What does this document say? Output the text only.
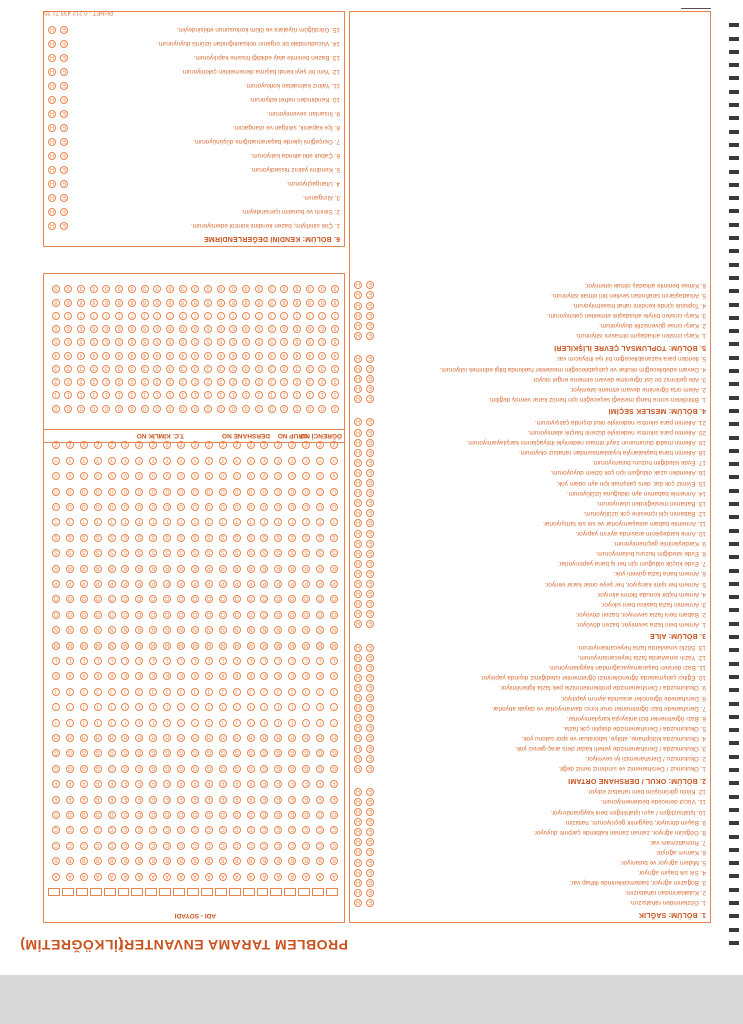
PROBLEM TARAMA ENVANTERİ
(İLKÖĞRETİM)
1. BÖLÜM: SAĞLIK
1. Gözlerimden rahatsızım.
E
H
2. Kulaklarımdan rahatsızım.
E
H
3. Boğazım ağrıyor, bademciklerimde iltihap var.
E
H
4. Sık sık başım ağrıyor.
E
H
5. Midem ağrıyor ve bulanıyor.
E
H
6. Karnım ağrıyor.
E
H
7. Romatizmam var.
E
H
8. Göğsüm ağrıyor, zaman zaman kalbimde çarpıntı duyuyor.
E
H
9. Başım dönüyor, baygınlık geçiriyorum, halsizim.
E
H
10. İştahsızlığım / aşırı iştahlılığım beni kaygılandırıyor.
E
H
11. Vücut derecede beslenemiyorum.
E
H
12. Kilolu görünüşüm beni rahatsız ediyor.
E
H
2. BÖLÜM: OKUL / DERSHANE ORTAMI
1. Okulumuz / Dershanemiz ve sınıfımız temiz değil.
E
H
2. Okulumuzu / Dershanemizi iyi sevmiyor.
E
H
3. Okulumuzda / Dershanemizde yeterli kadar ders araç-gereci yok.
E
H
4. Okulumuzda kütüphane, atölye, laboratuar ve spor salonu yok.
E
H
5. Okulumuzda / Dershanemizde disiplin çok fazla.
E
H
6. Bazı öğretmenler bizi anlayışla karşılamıyorlar.
E
H
7. Dershanede bazı öğretmenler onur kırıcı davranıyorlar ve dayak atıyorlar.
E
H
8. Dershanede öğrenciler arasında ayırım yapılıyor.
E
H
9. Okulumuzda / Dershanemizde problemlerimizle pek fazla ilgilenilmiyor.
E
H
10. Eğitici çalışmalarda öğrencilerimizi öğretmenler istediğimiz dışında yapılıyor.
E
H
11. Bazı dersleri başaramayacağımdan kaygılanıyorum.
E
H
12. Yazılı sınavlarda fazla heyecanlanıyorum.
E
H
13. Sözlü sınavlarda fazla heyecanlanıyorum.
E
H
3. BÖLÜM: AİLE
1. Annem beni fazla sevmiyor, bazen dövüyor.
E
H
2. Babam beni fazla sevmiyor, bazen dövüyor.
E
H
3. Annemin fazla baskısı beni sıkıyor.
E
H
4. Annem hiçbir konuda fikrimi almıyor.
E
H
5. Annem her işimi karışıyor, her şeye onlar karar veriyor.
E
H
6. Annem bana fazla güveni yok.
E
H
7. Evde küçük olduğum için her iş bana yaptırıyorlar.
E
H
8. Evde istediğim huzuru bulamıyorum.
E
H
9. Kardeşlerimle geçinemiyorum.
E
H
10. Anne kardeşlerim arasında ayırım yapıyor.
E
H
11. Annemle babam anlaşamıyorlar ve sık sık tartışıyorlar.
E
H
12. Babamın içki içmesine çok üzülüyorum.
E
H
13. Babamın mesleğinden utanıyorum.
E
H
14. Annemle babamın ayrı olduğuna üzülüyorum.
E
H
15. Evimiz çok dar, ders çalışmak için ayrı odam yok.
E
H
16. Ailemden uzak olduğum için çok özlem duyuyorum.
E
H
17. Evde istediğim huzuru bulamıyorum.
E
H
18. Ailemin bana başkalarıyla kıyaslamasından rahatsız oluyorum.
E
H
19. Ailemin maddi durumunun zayıf olması nedeniyle ihtiyaçlarımı karşılayamıyorum.
E
H
20. Ailemin para sıkıntısı nedeniyle düzenli harçlık alamıyorum.
E
H
21. Ailemin para sıkıntısı nedeniyle okul dışında çalışıyorum.
E
H
4. BÖLÜM: MESLEK SEÇİMİ
1. Bitirdikten sonra hangi mesleği seçeceğim için henüz karar vermiş değilim.
E
H
2. Ailem orta öğrenime devam etmemi istemiyor.
E
H
3. Aile gelirimiz bir üst öğrenime devam etmeme engel oluyor.
E
H
4. Devam edebileceğim okullar ve çalışabileceğim meslekler hakkında bilgi edinmek istiyorum.
E
H
5. İleriden para kazanabileceğim bir işe ihtiyacım var.
E
H
5. BÖLÜM: TOPLUMSAL ÇEVRE İLİŞKİLERİ
1. Karşı cinsten arkadaşım olmasını istiyorum.
E
H
2. Karşı cinse güvensizlik duyuyorum.
E
H
3. Karşı cinsten biriyle arkadaşlık etmekten çekiniyorum.
E
H
4. Topluluk içinde kendimi rahat hissetmiyorum.
E
H
5. Arkadaşlarım tarafından sevilen biri olmak istiyorum.
E
H
6. Kimse benimle arkadaş olmak istemiyor.
E
H
ADI - SOYADI
A
B
C
Ç
D
E
F
G
Ğ
H
I
İ
J
K
L
M
N
O
Ö
P
R
S
Ş
T
U
Ü
V
Y
Z
A
B
C
Ç
D
E
F
G
Ğ
H
I
İ
J
K
L
M
N
O
Ö
P
R
S
Ş
T
U
Ü
V
Y
Z
A
B
C
Ç
D
E
F
G
Ğ
H
I
İ
J
K
L
M
N
O
Ö
P
R
S
Ş
T
U
Ü
V
Y
Z
A
B
C
Ç
D
E
F
G
Ğ
H
I
İ
J
K
L
M
N
O
Ö
P
R
S
Ş
T
U
Ü
V
Y
Z
A
B
C
Ç
D
E
F
G
Ğ
H
I
İ
J
K
L
M
N
O
Ö
P
R
S
Ş
T
U
Ü
V
Y
Z
A
B
C
Ç
D
E
F
G
Ğ
H
I
İ
J
K
L
M
N
O
Ö
P
R
S
Ş
T
U
Ü
V
Y
Z
A
B
C
Ç
D
E
F
G
Ğ
H
I
İ
J
K
L
M
N
O
Ö
P
R
S
Ş
T
U
Ü
V
Y
Z
A
B
C
Ç
D
E
F
G
Ğ
H
I
İ
J
K
L
M
N
O
Ö
P
R
S
Ş
T
U
Ü
V
Y
Z
A
B
C
Ç
D
E
F
G
Ğ
H
I
İ
J
K
L
M
N
O
Ö
P
R
S
Ş
T
U
Ü
V
Y
Z
A
B
C
Ç
D
E
F
G
Ğ
H
I
İ
J
K
L
M
N
O
Ö
P
R
S
Ş
T
U
Ü
V
Y
Z
A
B
C
Ç
D
E
F
G
Ğ
H
I
İ
J
K
L
M
N
O
Ö
P
R
S
Ş
T
U
Ü
V
Y
Z
A
B
C
Ç
D
E
F
G
Ğ
H
I
İ
J
K
L
M
N
O
Ö
P
R
S
Ş
T
U
Ü
V
Y
Z
A
B
C
Ç
D
E
F
G
Ğ
H
I
İ
J
K
L
M
N
O
Ö
P
R
S
Ş
T
U
Ü
V
Y
Z
A
B
C
Ç
D
E
F
G
Ğ
H
I
İ
J
K
L
M
N
O
Ö
P
R
S
Ş
T
U
Ü
V
Y
Z
A
B
C
Ç
D
E
F
G
Ğ
H
I
İ
J
K
L
M
N
O
Ö
P
R
S
Ş
T
U
Ü
V
Y
Z
A
B
C
Ç
D
E
F
G
Ğ
H
I
İ
J
K
L
M
N
O
Ö
P
R
S
Ş
T
U
Ü
V
Y
Z
A
B
C
Ç
D
E
F
G
Ğ
H
I
İ
J
K
L
M
N
O
Ö
P
R
S
Ş
T
U
Ü
V
Y
Z
A
B
C
Ç
D
E
F
G
Ğ
H
I
İ
J
K
L
M
N
O
Ö
P
R
S
Ş
T
U
Ü
V
Y
Z
A
B
C
Ç
D
E
F
G
Ğ
H
I
İ
J
K
L
M
N
O
Ö
P
R
S
Ş
T
U
Ü
V
Y
Z
A
B
C
Ç
D
E
F
G
Ğ
H
I
İ
J
K
L
M
N
O
Ö
P
R
S
Ş
T
U
Ü
V
Y
Z
A
B
C
Ç
D
E
F
G
Ğ
H
I
İ
J
K
L
M
N
O
Ö
P
R
S
Ş
T
U
Ü
V
Y
Z
T.C. KİMLİK NO	DERSHANE NO GRUP NO
ÖĞRENCİ NO
0
1
2
3
4
5
6
7
8
9
0
1
2
3
4
5
6
7
8
9
0
1
2
3
4
5
6
7
8
9
0
1
2
3
4
5
6
7
8
9
0
1
2
3
4
5
6
7
8
9
0
1
2
3
4
5
6
7
8
9
0
1
2
3
4
5
6
7
8
9
0
1
2
3
4
5
6
7
8
9
0
1
2
3
4
5
6
7
8
9
0
1
2
3
4
5
6
7
8
9
0
1
2
3
4
5
6
7
8
9
0
1
2
3
4
5
6
7
8
9
0
1
2
3
4
5
6
7
8
9
0
1
2
3
4
5
6
7
8
9
0
1
2
3
4
5
6
7
8
9
0
1
2
3
4
5
6
7
8
9
0
1
2
3
4
5
6
7
8
9
0
1
2
3
4
5
6
7
8
9
0
1
2
3
4
5
6
7
8
9
0
1
2
3
4
5
6
7
8
9
0
1
2
3
4
5
6
7
8
9
0
1
2
3
4
5
6
7
8
9
0
1
2
3
4
5
6
7
8
9
6. BÖLÜM: KENDİNİ DEĞERLENDİRME
1. Çok sinirliyim, bazen kendimi kontrol edemiyorum.
E
H
2. Sıkıntı ve bunalım içerisindeyim.
E
H
3. Alınganım.
E
H
4. Utangaçlıyorum.
E
H
5. Kendimi yalnız hissediyorum.
E
H
6. Çabuk etki altında kalıyorum.
E
H
7. Gerçeğimi işlerde başaramadığımı düşünüyorum.
E
H
8. İçe kapanık, sıkılgan ve utangacım.
E
H
9. İnsanları sevemiyorum.
E
H
10. Kendimden nefret ediyorum.
E
H
11. Yalnız kalmaktan korkuyorum.
E
H
12. Yeni bir şeyi kendi başıma denemekten çekiniyorum.
E
H
13. Bazen benimle alay edildiği hissine kapılıyorum.
E
H
14. Vücudumdaki bir organın noksanlığından üzüntü duyuyorum.
E
H
15. Gördüğüm rüyalara ve ölüm korkusunun etkisindeyim.
E
H
PicNET - 0.212 433 71 20
